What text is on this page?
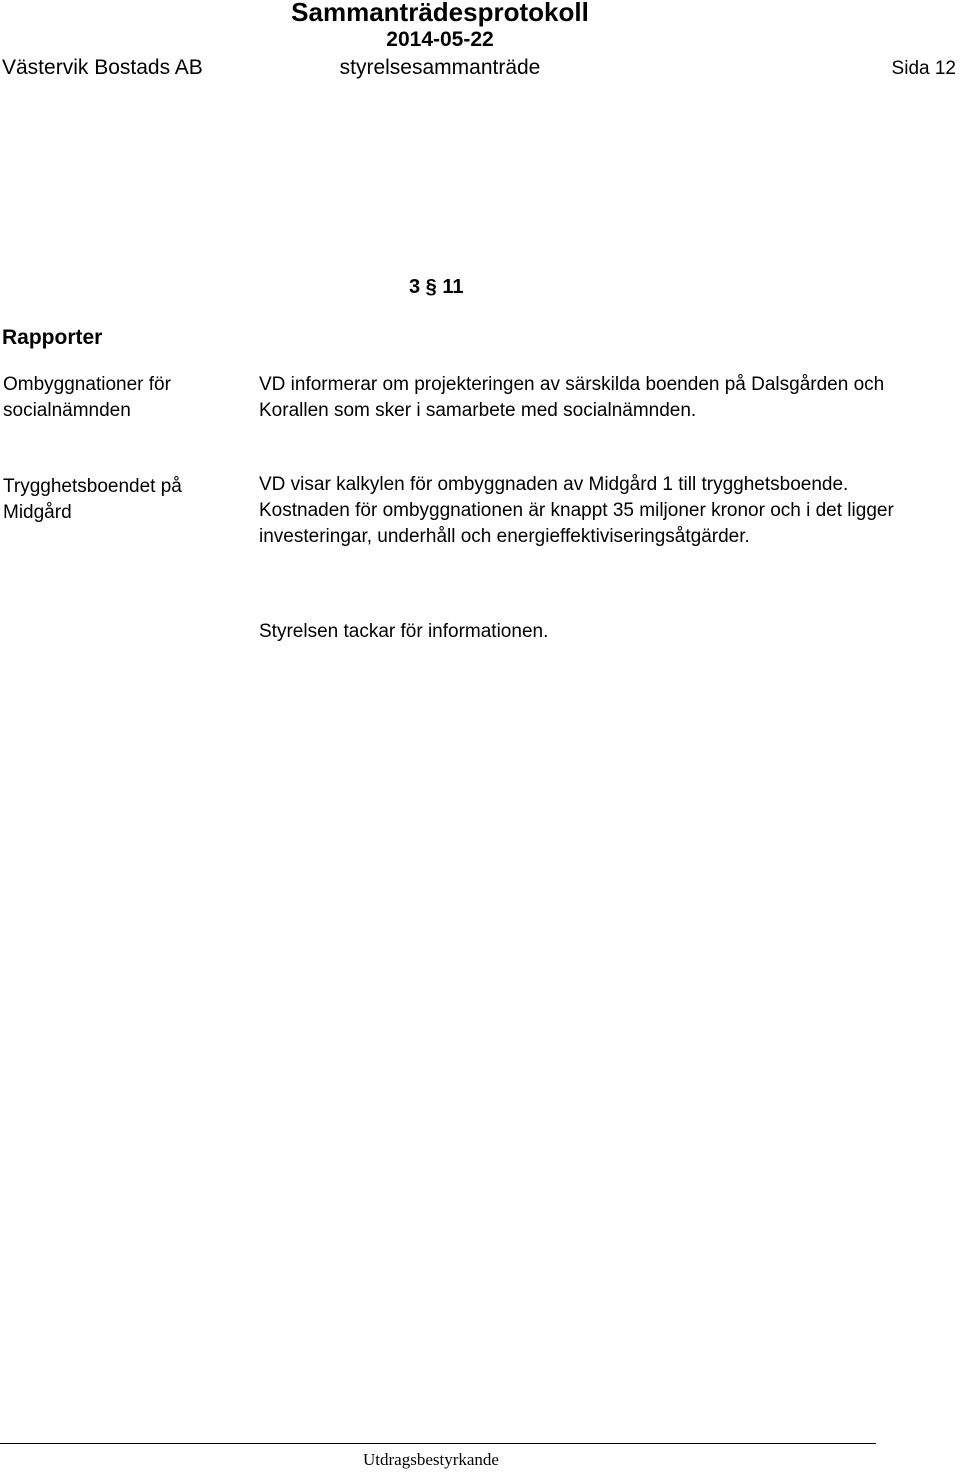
Sammanträdesprotokoll
2014-05-22
Västervik Bostads AB	styrelsesammanträde	Sida 12
3 § 11
Rapporter
Ombyggnationer för socialnämnden
VD informerar om projekteringen av särskilda boenden på Dalsgården och Korallen som sker i samarbete med socialnämnden.
Trygghetsboendet på Midgård
VD visar kalkylen för ombyggnaden av Midgård 1 till trygghetsboende. Kostnaden för ombyggnationen är knappt 35 miljoner kronor och i det ligger investeringar, underhåll och energieffektiviseringsåtgärder.
Styrelsen tackar för informationen.
Utdragsbestyrkande
